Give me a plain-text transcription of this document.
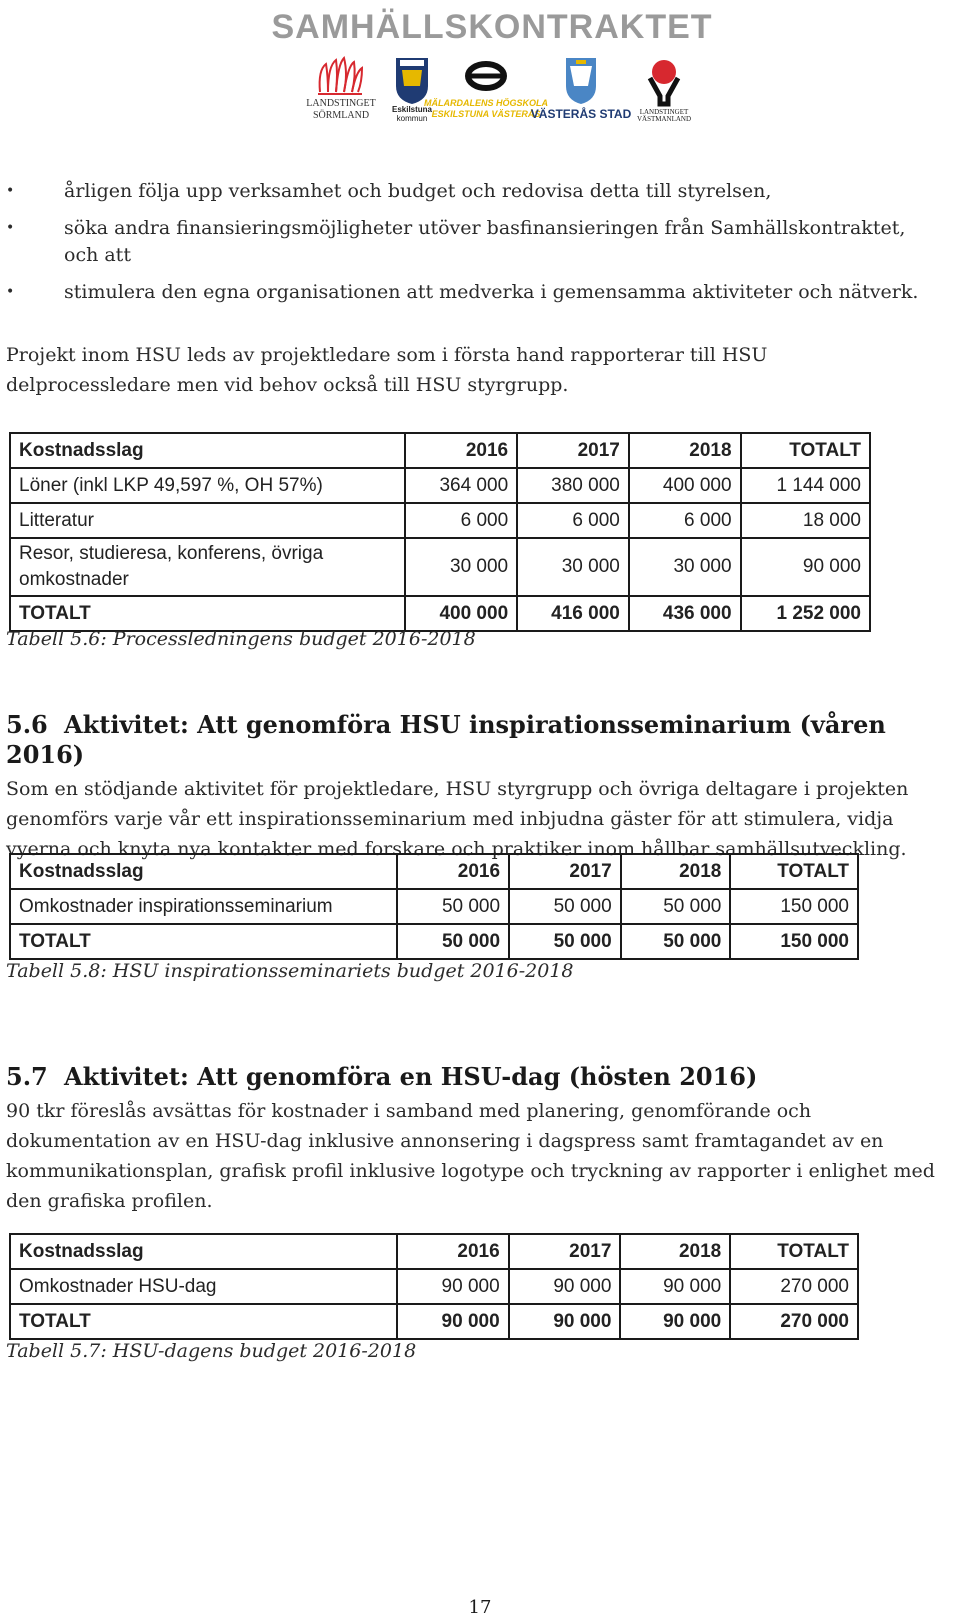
SAMHÄLLSKONTRAKTET
LANDSTINGET
SÖRMLAND
Eskilstuna
kommun
MÄLARDALENS HÖGSKOLA
ESKILSTUNA VÄSTERÅS
VÄSTERÅS STAD LANDSTINGET
VÄSTMANLAND
•	årligen följa upp verksamhet och budget och redovisa detta till styrelsen,
•	söka andra finansieringsmöjligheter utöver basfinansieringen från Samhällskontraktet, och att
•	stimulera den egna organisationen att medverka i gemensamma aktiviteter och nätverk.

Projekt inom HSU leds av projektledare som i första hand rapporterar till HSU delprocessledare men vid behov också till HSU styrgrupp.

Kostnadsslag	2016	2017	2018	TOTALT
Löner (inkl LKP 49,597 %, OH 57%)	364 000	380 000	400 000	1 144 000
Litteratur	6 000	6 000	6 000	18 000
Resor, studieresa, konferens, övriga omkostnader	30 000	30 000	30 000	90 000
TOTALT	400 000	416 000	436 000	1 252 000
Tabell 5.6: Processledningens budget 2016-2018
5.6 Aktivitet: Att genomföra HSU inspirationsseminarium (våren 2016)

Som en stödjande aktivitet för projektledare, HSU styrgrupp och övriga deltagare i projekten genomförs varje vår ett inspirationsseminarium med inbjudna gäster för att stimulera, vidja vyerna och knyta nya kontakter med forskare och praktiker inom hållbar samhällsutveckling.

Kostnadsslag	2016	2017	2018	TOTALT
Omkostnader inspirationsseminarium	50 000	50 000	50 000	150 000
TOTALT	50 000	50 000	50 000	150 000
Tabell 5.8: HSU inspirationsseminariets budget 2016-2018
5.7 Aktivitet: Att genomföra en HSU-dag (hösten 2016)

90 tkr föreslås avsättas för kostnader i samband med planering, genomförande och dokumentation av en HSU-dag inklusive annonsering i dagspress samt framtagandet av en kommunikationsplan, grafisk profil inklusive logotype och tryckning av rapporter i enlighet med den grafiska profilen.

Kostnadsslag	2016	2017	2018	TOTALT
Omkostnader HSU-dag	90 000	90 000	90 000	270 000
TOTALT	90 000	90 000	90 000	270 000
Tabell 5.7: HSU-dagens budget 2016-2018
17
